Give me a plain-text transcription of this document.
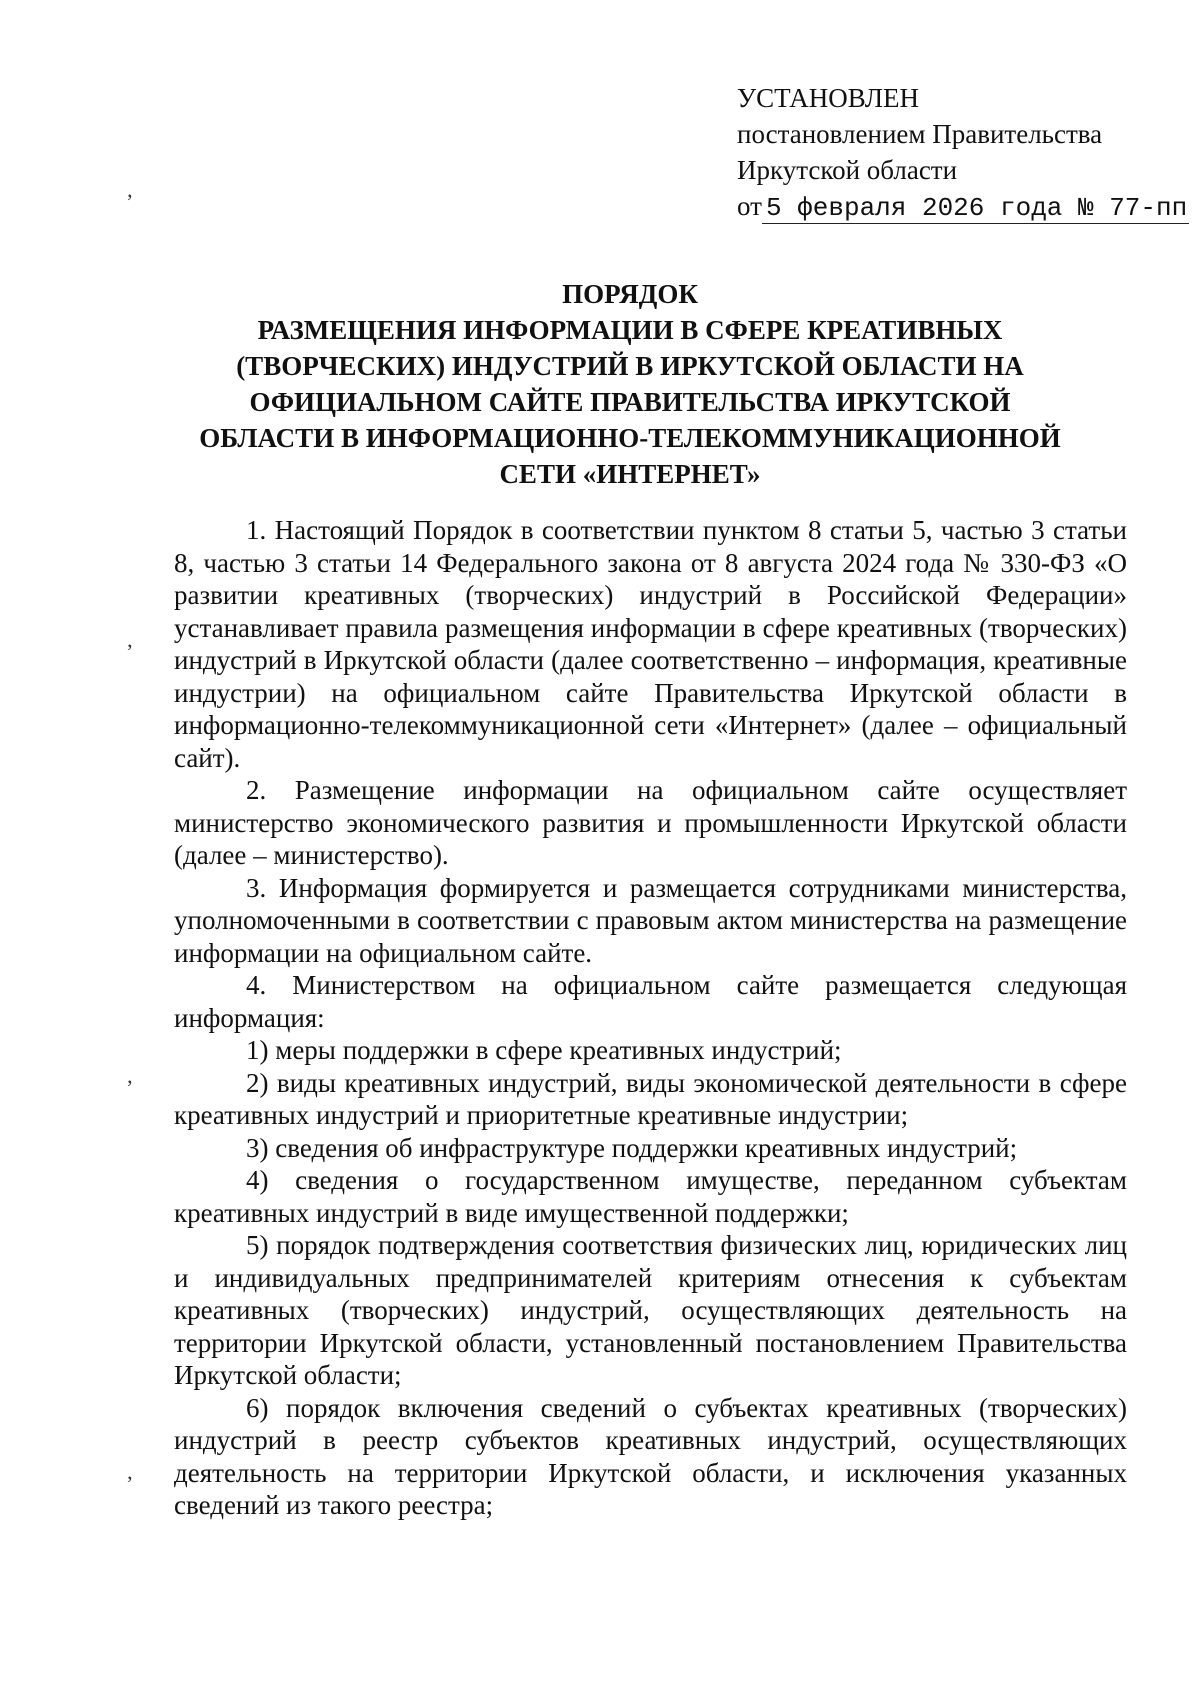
УСТАНОВЛЕН
постановлением Правительства
Иркутской области
от 5 февраля 2026 года № 77-пп
ПОРЯДОК
РАЗМЕЩЕНИЯ ИНФОРМАЦИИ В СФЕРЕ КРЕАТИВНЫХ
(ТВОРЧЕСКИХ) ИНДУСТРИЙ В ИРКУТСКОЙ ОБЛАСТИ НА
ОФИЦИАЛЬНОМ САЙТЕ ПРАВИТЕЛЬСТВА ИРКУТСКОЙ
ОБЛАСТИ В ИНФОРМАЦИОННО-ТЕЛЕКОММУНИКАЦИОННОЙ
СЕТИ «ИНТЕРНЕТ»

1. Настоящий Порядок в соответствии пунктом 8 статьи 5, частью 3 статьи 8, частью 3 статьи 14 Федерального закона от 8 августа 2024 года № 330-ФЗ «О развитии креативных (творческих) индустрий в Российской Федерации» устанавливает правила размещения информации в сфере креативных (творческих) индустрий в Иркутской области (далее соответственно – информация, креативные индустрии) на официальном сайте Правительства Иркутской области в информационно-телекоммуникационной сети «Интернет» (далее – официальный сайт).

2. Размещение информации на официальном сайте осуществляет министерство экономического развития и промышленности Иркутской области (далее – министерство).

3. Информация формируется и размещается сотрудниками министерства, уполномоченными в соответствии с правовым актом министерства на размещение информации на официальном сайте.

4. Министерством на официальном сайте размещается следующая информация:

1) меры поддержки в сфере креативных индустрий;

2) виды креативных индустрий, виды экономической деятельности в сфере креативных индустрий и приоритетные креативные индустрии;

3) сведения об инфраструктуре поддержки креативных индустрий;

4) сведения о государственном имуществе, переданном субъектам креативных индустрий в виде имущественной поддержки;

5) порядок подтверждения соответствия физических лиц, юридических лиц и индивидуальных предпринимателей критериям отнесения к субъектам креативных (творческих) индустрий, осуществляющих деятельность на территории Иркутской области, установленный постановлением Правительства Иркутской области;

6) порядок включения сведений о субъектах креативных (творческих) индустрий в реестр субъектов креативных индустрий, осуществляющих деятельность на территории Иркутской области, и исключения указанных сведений из такого реестра;

’
’
’
’
